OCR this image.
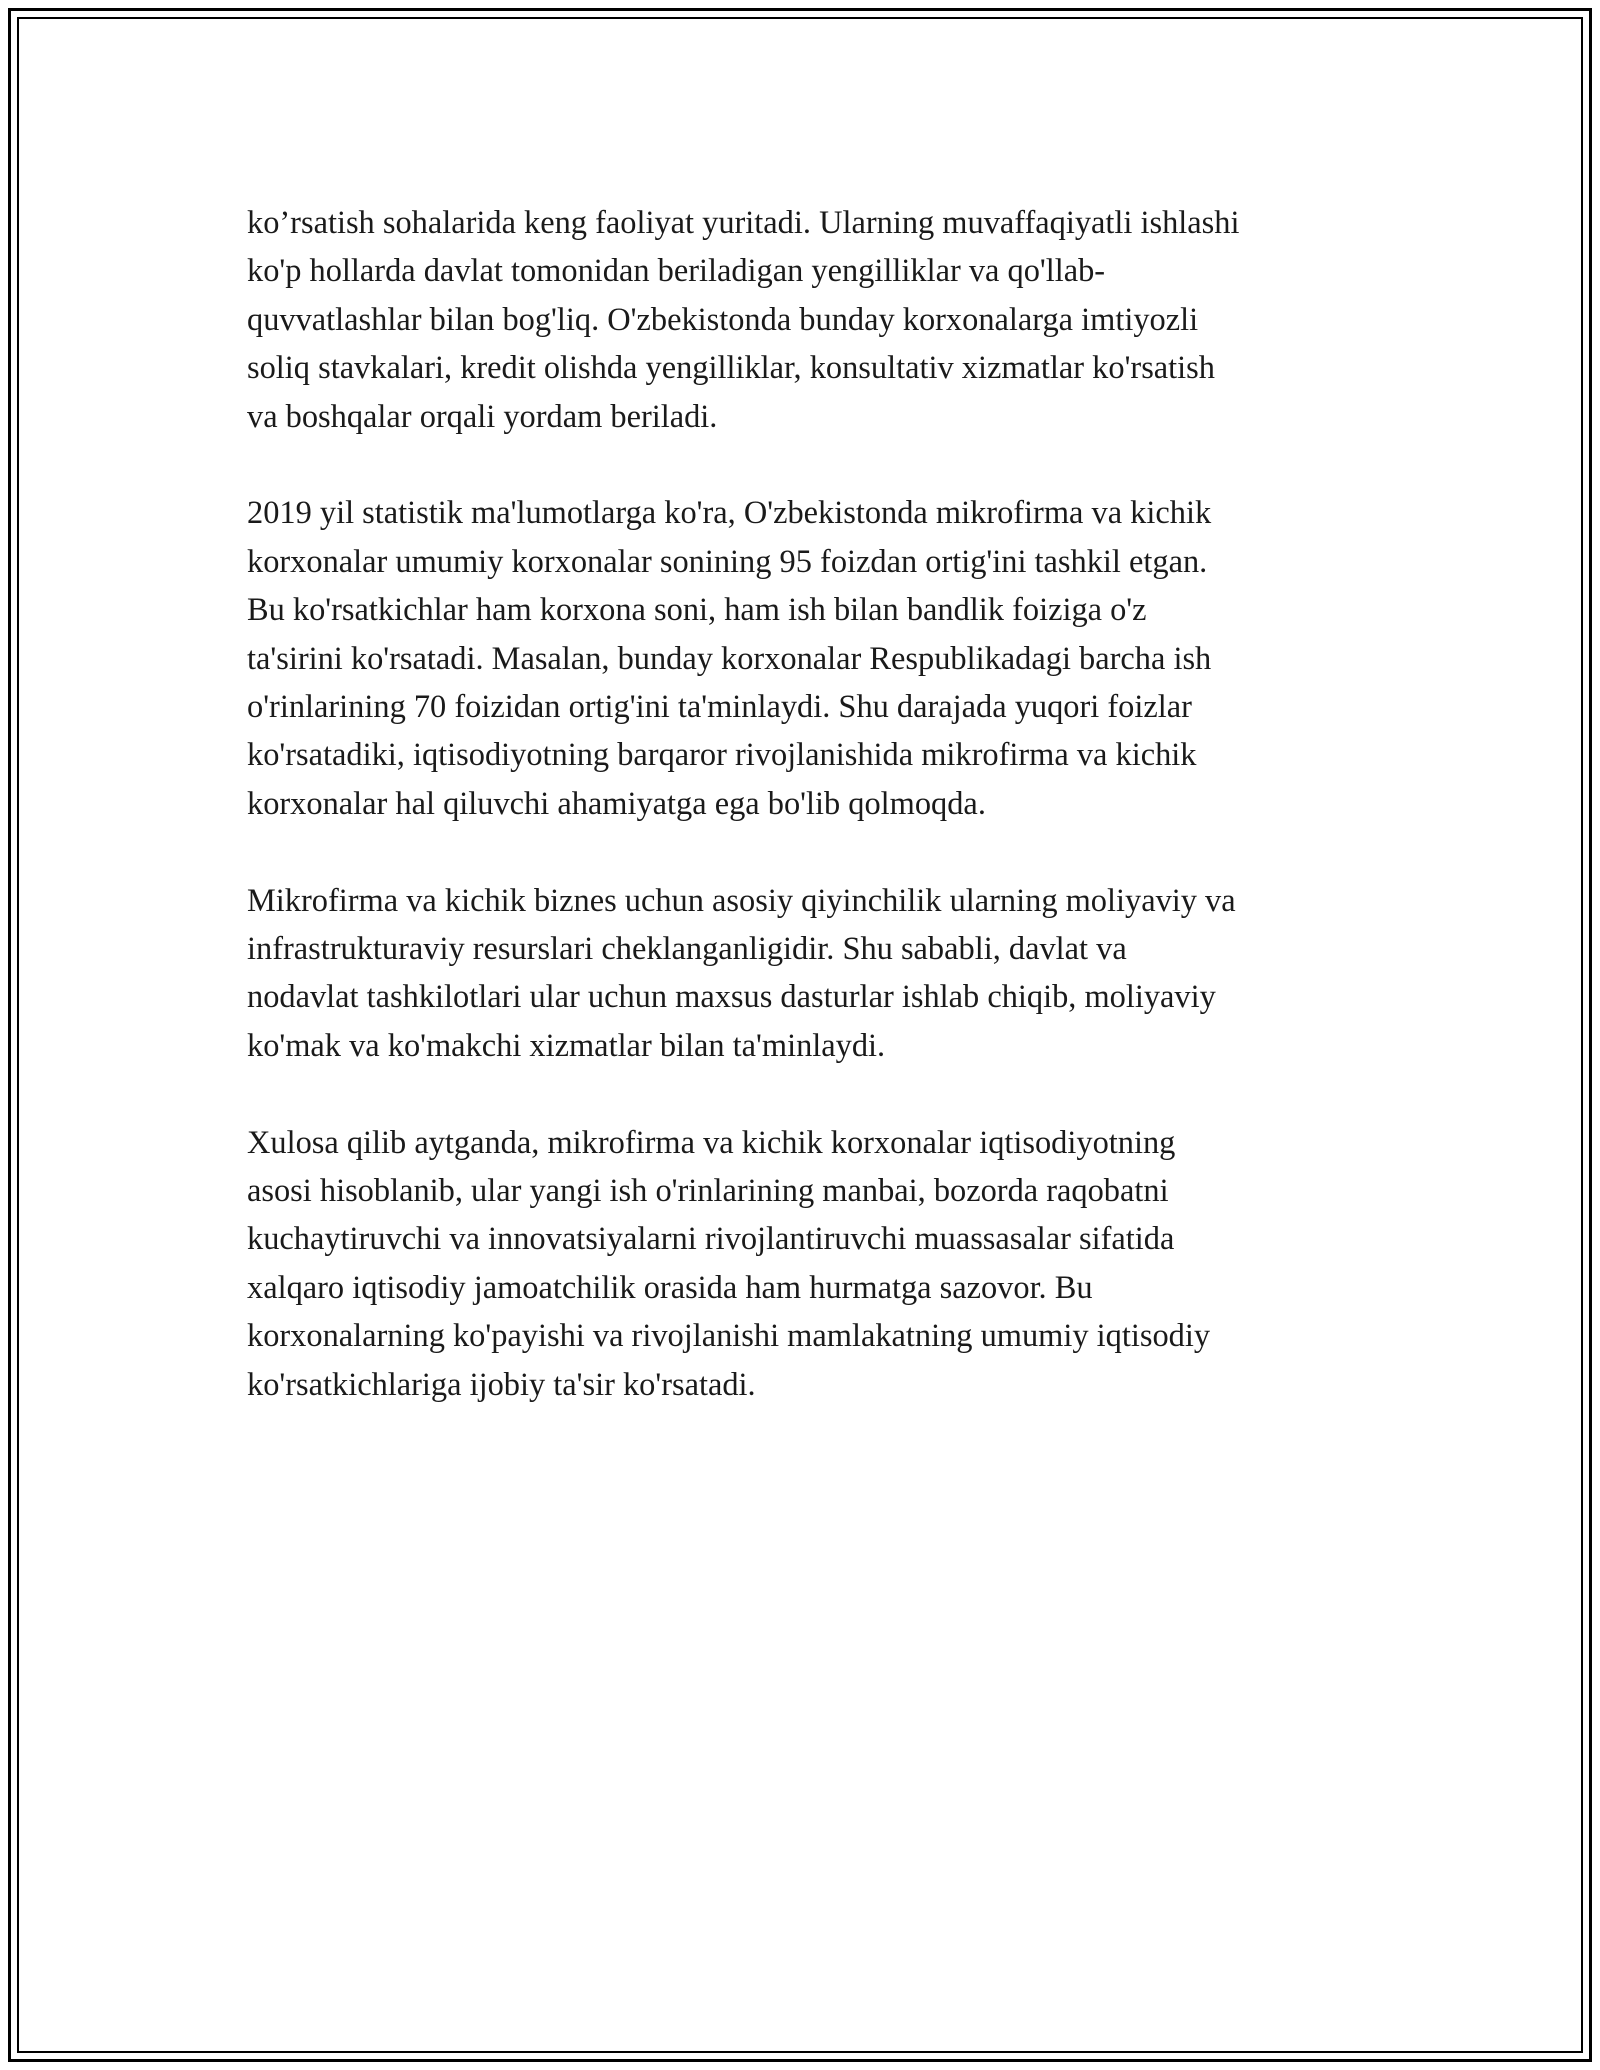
ko’rsatish sohalarida keng faoliyat yuritadi. Ularning muvaffaqiyatli ishlashi
ko'p hollarda davlat tomonidan beriladigan yengilliklar va qo'llab-
quvvatlashlar bilan bog'liq. O'zbekistonda bunday korxonalarga imtiyozli
soliq stavkalari, kredit olishda yengilliklar, konsultativ xizmatlar ko'rsatish
va boshqalar orqali yordam beriladi.

2019 yil statistik ma'lumotlarga ko'ra, O'zbekistonda mikrofirma va kichik
korxonalar umumiy korxonalar sonining 95 foizdan ortig'ini tashkil etgan.
Bu ko'rsatkichlar ham korxona soni, ham ish bilan bandlik foiziga o'z
ta'sirini ko'rsatadi. Masalan, bunday korxonalar Respublikadagi barcha ish
o'rinlarining 70 foizidan ortig'ini ta'minlaydi. Shu darajada yuqori foizlar
ko'rsatadiki, iqtisodiyotning barqaror rivojlanishida mikrofirma va kichik
korxonalar hal qiluvchi ahamiyatga ega bo'lib qolmoqda.

Mikrofirma va kichik biznes uchun asosiy qiyinchilik ularning moliyaviy va
infrastrukturaviy resurslari cheklanganligidir. Shu sababli, davlat va
nodavlat tashkilotlari ular uchun maxsus dasturlar ishlab chiqib, moliyaviy
ko'mak va ko'makchi xizmatlar bilan ta'minlaydi.

Xulosa qilib aytganda, mikrofirma va kichik korxonalar iqtisodiyotning
asosi hisoblanib, ular yangi ish o'rinlarining manbai, bozorda raqobatni
kuchaytiruvchi va innovatsiyalarni rivojlantiruvchi muassasalar sifatida
xalqaro iqtisodiy jamoatchilik orasida ham hurmatga sazovor. Bu
korxonalarning ko'payishi va rivojlanishi mamlakatning umumiy iqtisodiy
ko'rsatkichlariga ijobiy ta'sir ko'rsatadi.
